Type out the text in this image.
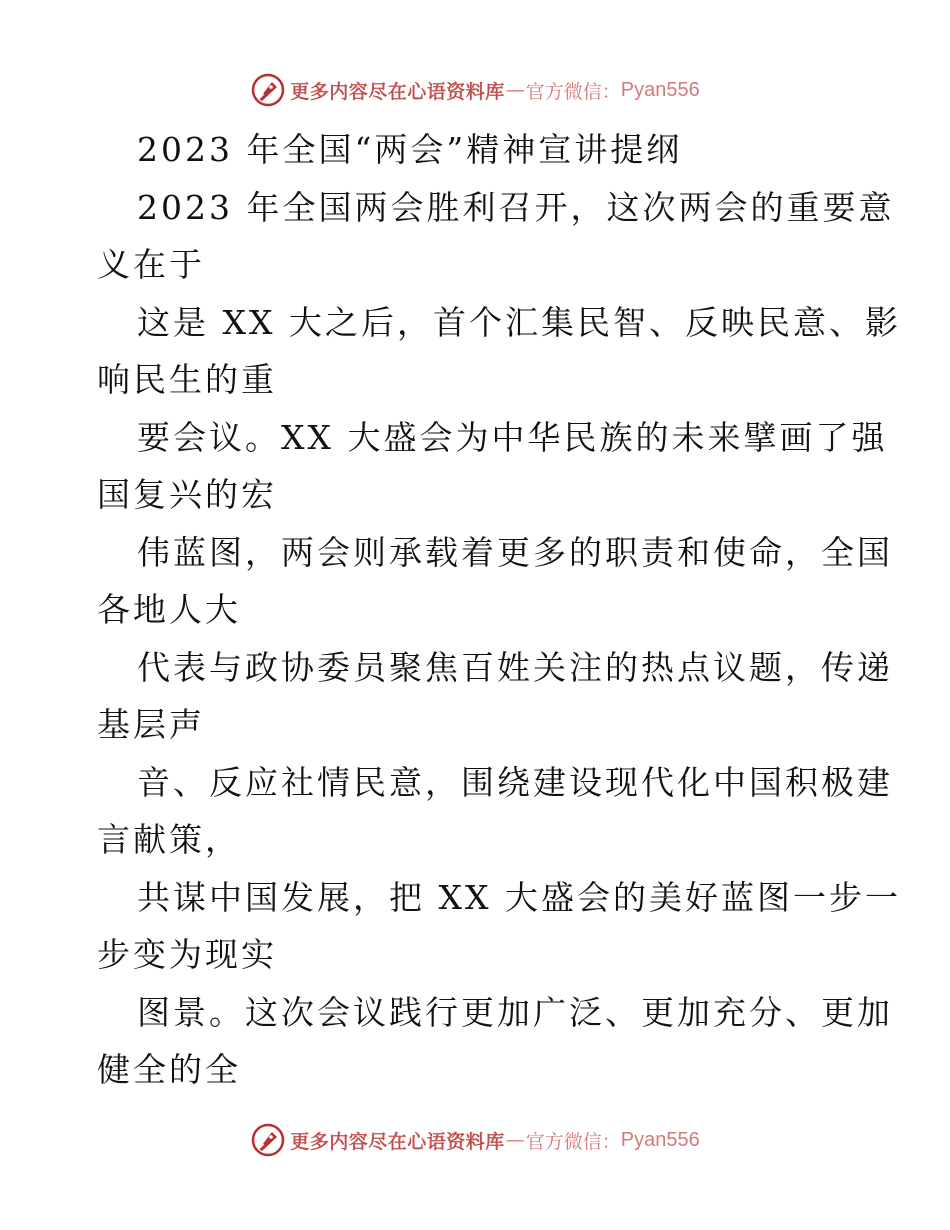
更多内容尽在心语资料库 — 官方微信： Pyan556
2023 年全国“两会”精神宣讲提纲
2023 年全国两会胜利召开，这次两会的重要意
义在于
这是 XX 大之后，首个汇集民智、反映民意、影
响民生的重
要会议。XX 大盛会为中华民族的未来擘画了强
国复兴的宏
伟蓝图，两会则承载着更多的职责和使命，全国
各地人大
代表与政协委员聚焦百姓关注的热点议题，传递
基层声
音、反应社情民意，围绕建设现代化中国积极建
言献策，
共谋中国发展，把 XX 大盛会的美好蓝图一步一
步变为现实
图景。这次会议践行更加广泛、更加充分、更加
健全的全
更多内容尽在心语资料库 — 官方微信： Pyan556
